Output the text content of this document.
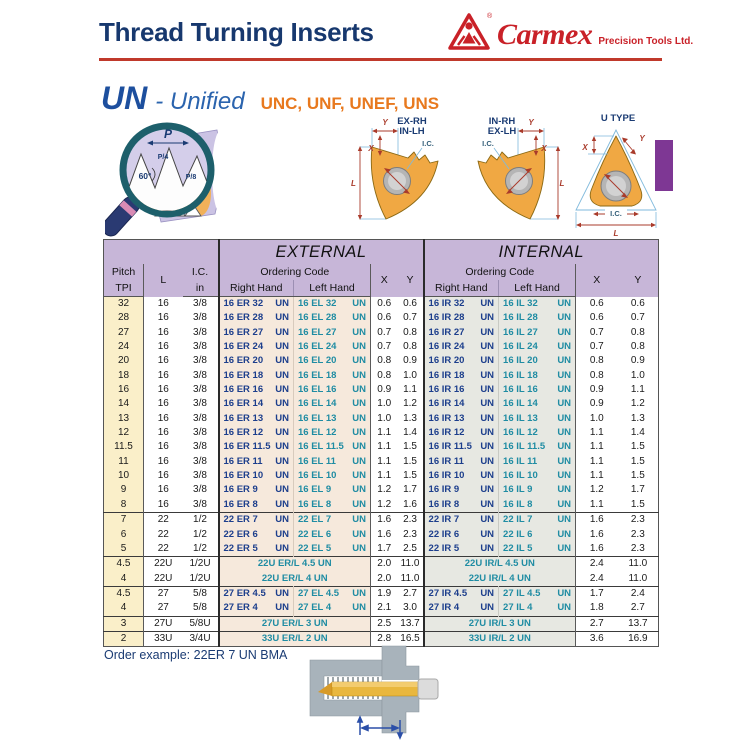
Thread Turning Inserts
®
Carmex Precision Tools Ltd.
UN - Unified UNC, UNF, UNEF, UNS
P
P/4
60°	P/8
EX-RH
IN-LH
Y
X
L
I.C.
IN-RH
EX-LH
Y
X
L
I.C.
U TYPE
X
Y
I.C.
L
			EXTERNAL				INTERNAL			
Pitch	L	I.C.	Ordering Code		X	Y	Ordering Code		X	Y
TPI		in	Right Hand	Left Hand			Right Hand	Left Hand		
32	16	3/8	16 ER 32 UN	16 EL 32 UN	0.6	0.6	16 IR 32 UN	16 IL 32 UN	0.6	0.6
28	16	3/8	16 ER 28 UN	16 EL 28 UN	0.6	0.7	16 IR 28 UN	16 IL 28 UN	0.6	0.7
27	16	3/8	16 ER 27 UN	16 EL 27 UN	0.7	0.8	16 IR 27 UN	16 IL 27 UN	0.7	0.8
24	16	3/8	16 ER 24 UN	16 EL 24 UN	0.7	0.8	16 IR 24 UN	16 IL 24 UN	0.7	0.8
20	16	3/8	16 ER 20 UN	16 EL 20 UN	0.8	0.9	16 IR 20 UN	16 IL 20 UN	0.8	0.9
18	16	3/8	16 ER 18 UN	16 EL 18 UN	0.8	1.0	16 IR 18 UN	16 IL 18 UN	0.8	1.0
16	16	3/8	16 ER 16 UN	16 EL 16 UN	0.9	1.1	16 IR 16 UN	16 IL 16 UN	0.9	1.1
14	16	3/8	16 ER 14 UN	16 EL 14 UN	1.0	1.2	16 IR 14 UN	16 IL 14 UN	0.9	1.2
13	16	3/8	16 ER 13 UN	16 EL 13 UN	1.0	1.3	16 IR 13 UN	16 IL 13 UN	1.0	1.3
12	16	3/8	16 ER 12 UN	16 EL 12 UN	1.1	1.4	16 IR 12 UN	16 IL 12 UN	1.1	1.4
11.5	16	3/8	16 ER 11.5 UN	16 EL 11.5 UN	1.1	1.5	16 IR 11.5 UN	16 IL 11.5 UN	1.1	1.5
11	16	3/8	16 ER 11 UN	16 EL 11 UN	1.1	1.5	16 IR 11 UN	16 IL 11 UN	1.1	1.5
10	16	3/8	16 ER 10 UN	16 EL 10 UN	1.1	1.5	16 IR 10 UN	16 IL 10 UN	1.1	1.5
9	16	3/8	16 ER 9 UN	16 EL 9 UN	1.2	1.7	16 IR 9 UN	16 IL 9 UN	1.2	1.7
8	16	3/8	16 ER 8 UN	16 EL 8 UN	1.2	1.6	16 IR 8 UN	16 IL 8 UN	1.1	1.5
7	22	1/2	22 ER 7 UN	22 EL 7 UN	1.6	2.3	22 IR 7 UN	22 IL 7 UN	1.6	2.3
6	22	1/2	22 ER 6 UN	22 EL 6 UN	1.6	2.3	22 IR 6 UN	22 IL 6 UN	1.6	2.3
5	22	1/2	22 ER 5 UN	22 EL 5 UN	1.7	2.5	22 IR 5 UN	22 IL 5 UN	1.6	2.3
4.5	22U	1/2U	22U ER/L 4.5 UN		2.0	11.0	22U IR/L 4.5 UN		2.4	11.0
4	22U	1/2U	22U ER/L 4 UN		2.0	11.0	22U IR/L 4 UN		2.4	11.0
4.5	27	5/8	27 ER 4.5 UN	27 EL 4.5 UN	1.9	2.7	27 IR 4.5 UN	27 IL 4.5 UN	1.7	2.4
4	27	5/8	27 ER 4 UN	27 EL 4 UN	2.1	3.0	27 IR 4 UN	27 IL 4 UN	1.8	2.7
3	27U	5/8U	27U ER/L 3 UN		2.5	13.7	27U IR/L 3 UN		2.7	13.7
2	33U	3/4U	33U ER/L 2 UN		2.8	16.5	33U IR/L 2 UN		3.6	16.9
Order example: 22ER 7 UN BMA
